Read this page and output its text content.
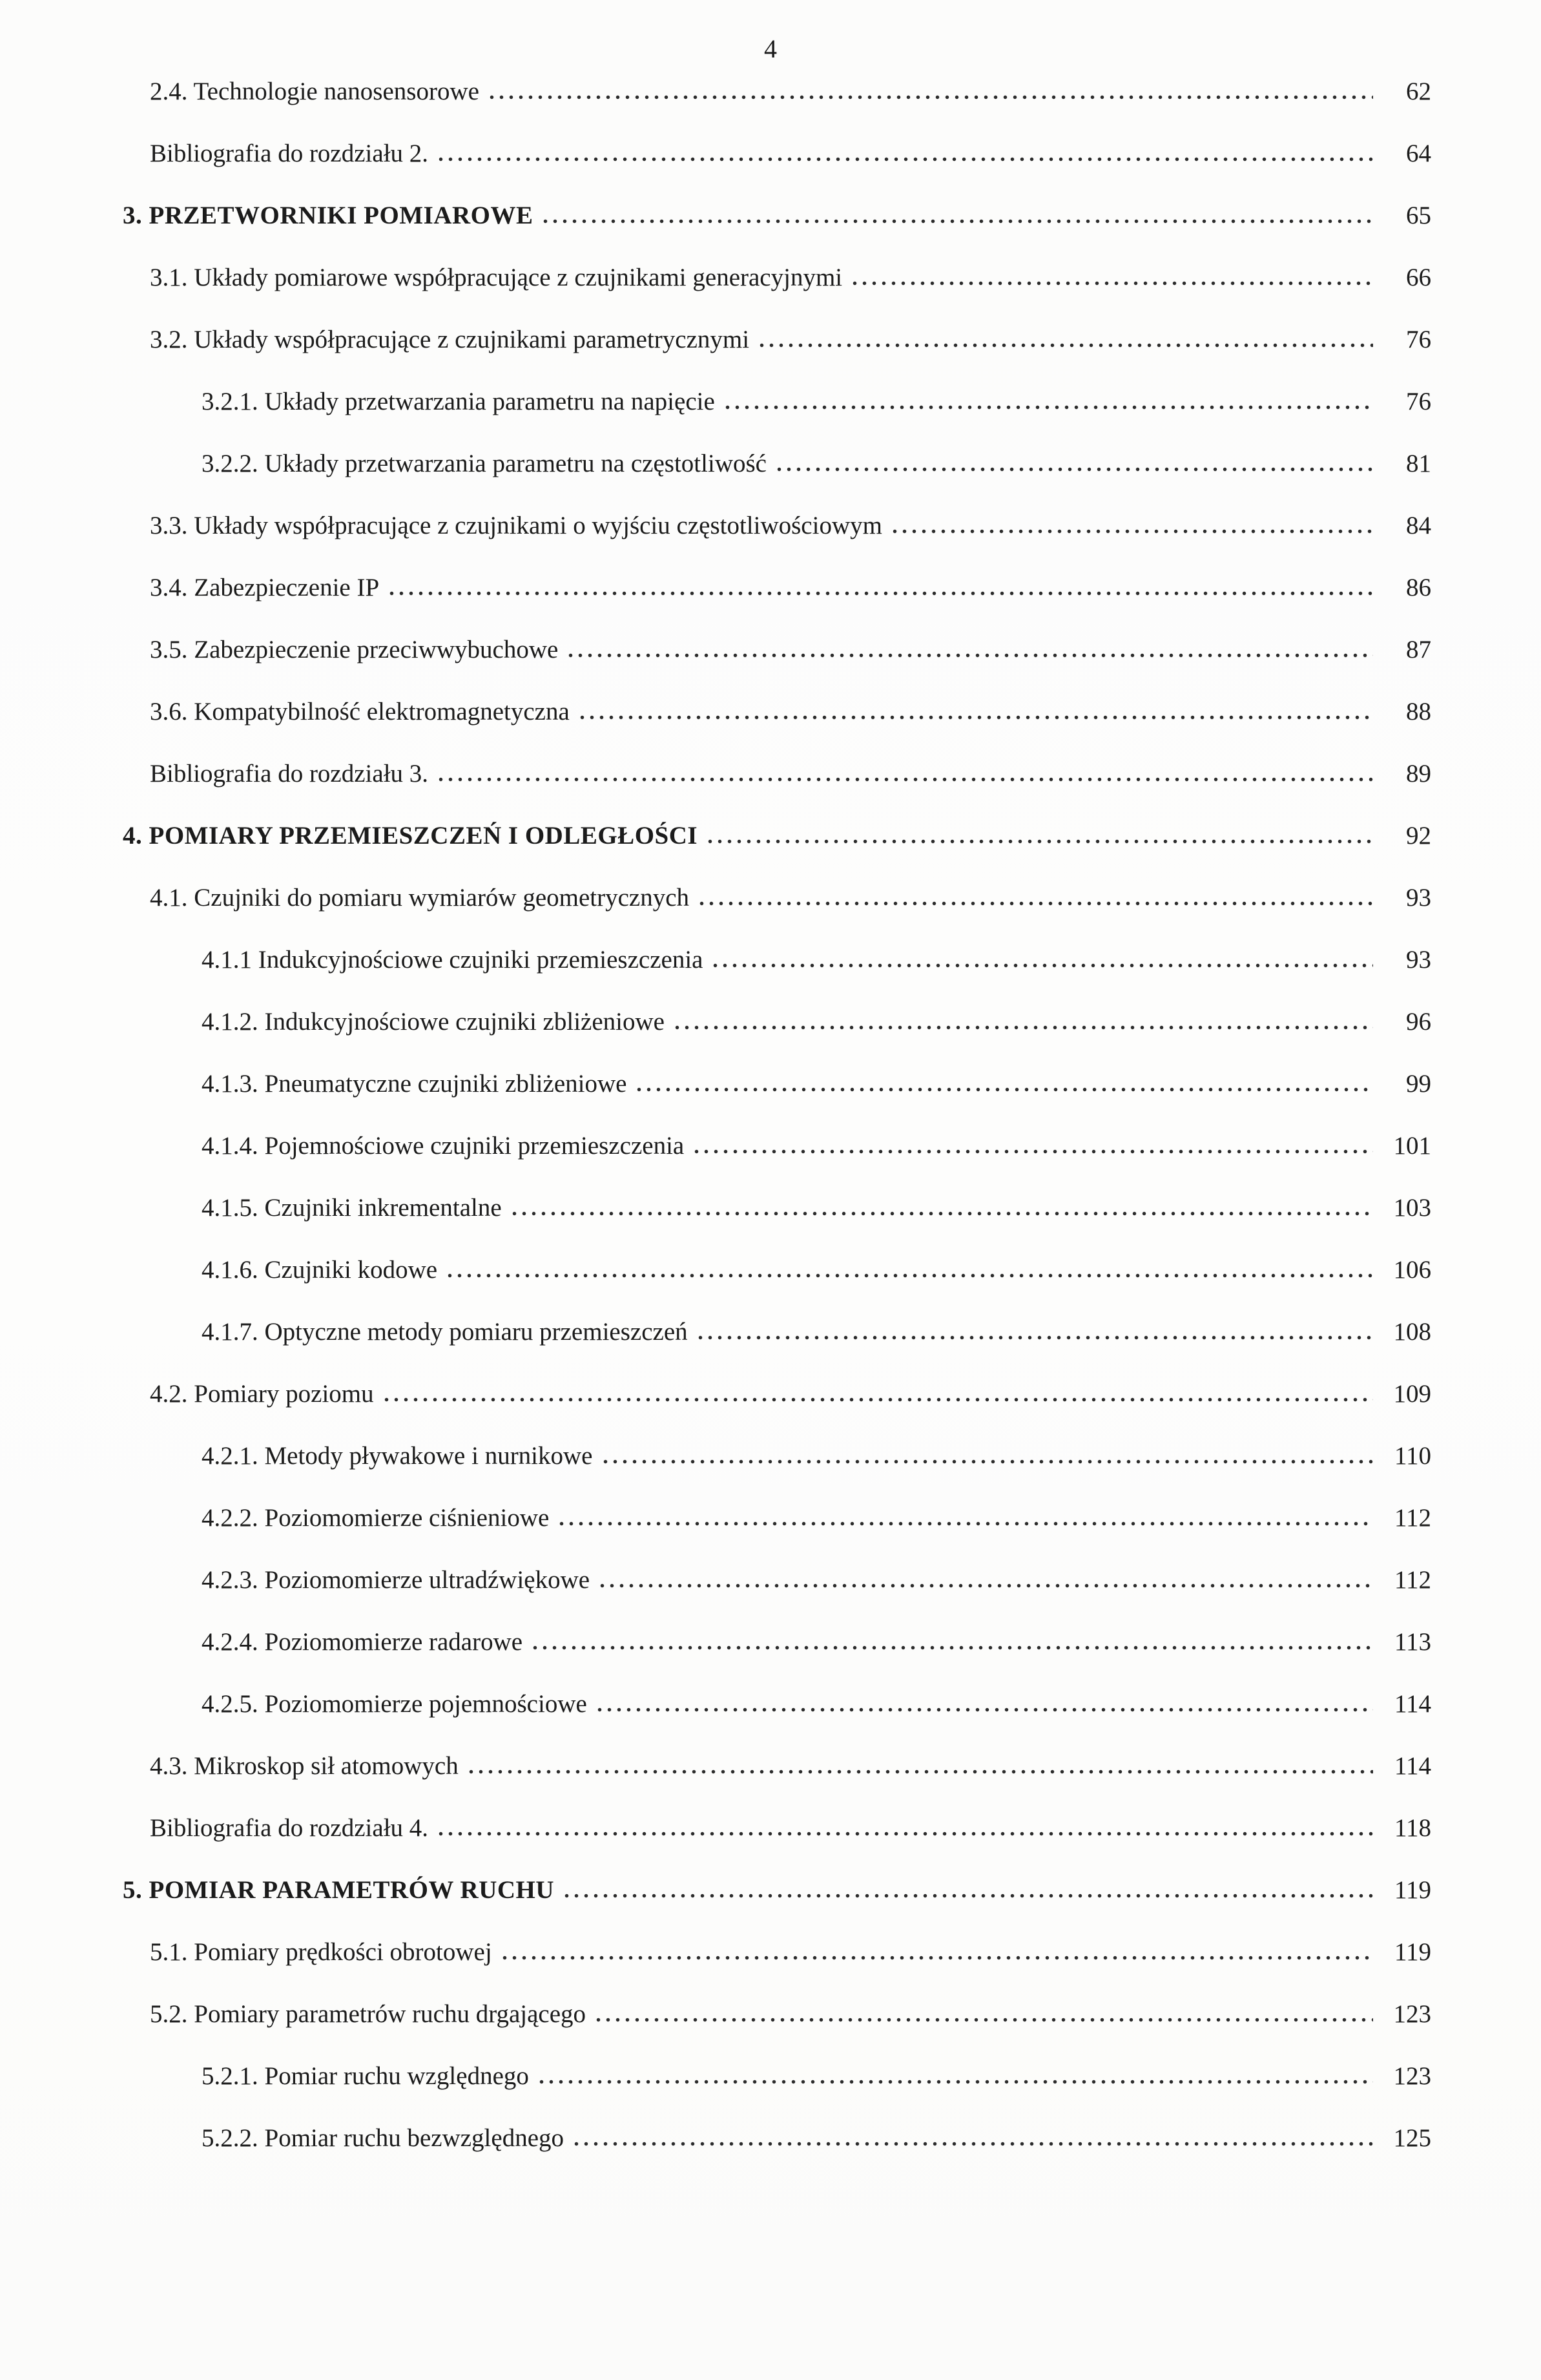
4
2.4. Technologie nanosensorowe	62
Bibliografia do rozdziału 2.	64
3. PRZETWORNIKI POMIAROWE	65
3.1. Układy pomiarowe współpracujące z czujnikami generacyjnymi	66
3.2. Układy współpracujące z czujnikami parametrycznymi	76
3.2.1. Układy przetwarzania parametru na napięcie	76
3.2.2. Układy przetwarzania parametru na częstotliwość	81
3.3. Układy współpracujące z czujnikami o wyjściu częstotliwościowym	84
3.4. Zabezpieczenie IP	86
3.5. Zabezpieczenie przeciwwybuchowe	87
3.6. Kompatybilność elektromagnetyczna	88
Bibliografia do rozdziału 3.	89
4. POMIARY PRZEMIESZCZEŃ I ODLEGŁOŚCI	92
4.1. Czujniki do pomiaru wymiarów geometrycznych	93
4.1.1 Indukcyjnościowe czujniki przemieszczenia	93
4.1.2. Indukcyjnościowe czujniki zbliżeniowe	96
4.1.3. Pneumatyczne czujniki zbliżeniowe	99
4.1.4. Pojemnościowe czujniki przemieszczenia	101
4.1.5. Czujniki inkrementalne	103
4.1.6. Czujniki kodowe	106
4.1.7. Optyczne metody pomiaru przemieszczeń	108
4.2. Pomiary poziomu	109
4.2.1. Metody pływakowe i nurnikowe	110
4.2.2. Poziomomierze ciśnieniowe	112
4.2.3. Poziomomierze ultradźwiękowe	112
4.2.4. Poziomomierze radarowe	113
4.2.5. Poziomomierze pojemnościowe	114
4.3. Mikroskop sił atomowych	114
Bibliografia do rozdziału 4.	118
5. POMIAR PARAMETRÓW RUCHU	119
5.1. Pomiary prędkości obrotowej	119
5.2. Pomiary parametrów ruchu drgającego	123
5.2.1. Pomiar ruchu względnego	123
5.2.2. Pomiar ruchu bezwzględnego	125
